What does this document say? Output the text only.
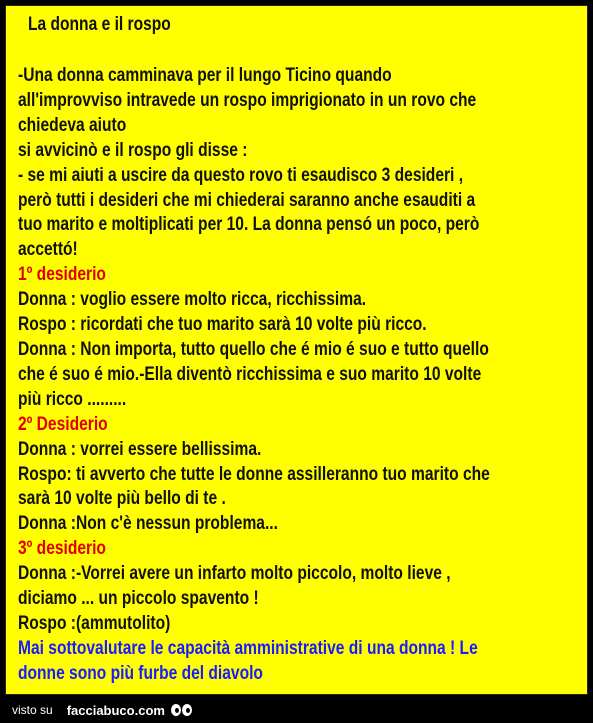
La donna e il rospo
-Una donna camminava per il lungo Ticino quando
all'improvviso intravede un rospo imprigionato in un rovo che
chiedeva aiuto
si avvicinò e il rospo gli disse :
- se mi aiuti a uscire da questo rovo ti esaudisco 3 desideri ,
però tutti i desideri che mi chiederai saranno anche esauditi a
tuo marito e moltiplicati per 10. La donna pensó un poco, però
accettó!
1º desiderio
Donna : voglio essere molto ricca, ricchissima.
Rospo : ricordati che tuo marito sarà 10 volte più ricco.
Donna : Non importa, tutto quello che é mio é suo e tutto quello
che é suo é mio.-Ella diventò ricchissima e suo marito 10 volte
più ricco .........
2º Desiderio
Donna : vorrei essere bellissima.
Rospo: ti avverto che tutte le donne assilleranno tuo marito che
sarà 10 volte più bello di te .
Donna :Non c'è nessun problema...
3º desiderio
Donna :-Vorrei avere un infarto molto piccolo, molto lieve ,
diciamo ... un piccolo spavento !
Rospo :(ammutolito)
Mai sottovalutare le capacità amministrative di una donna ! Le
donne sono più furbe del diavolo
visto su facciabuco.com
